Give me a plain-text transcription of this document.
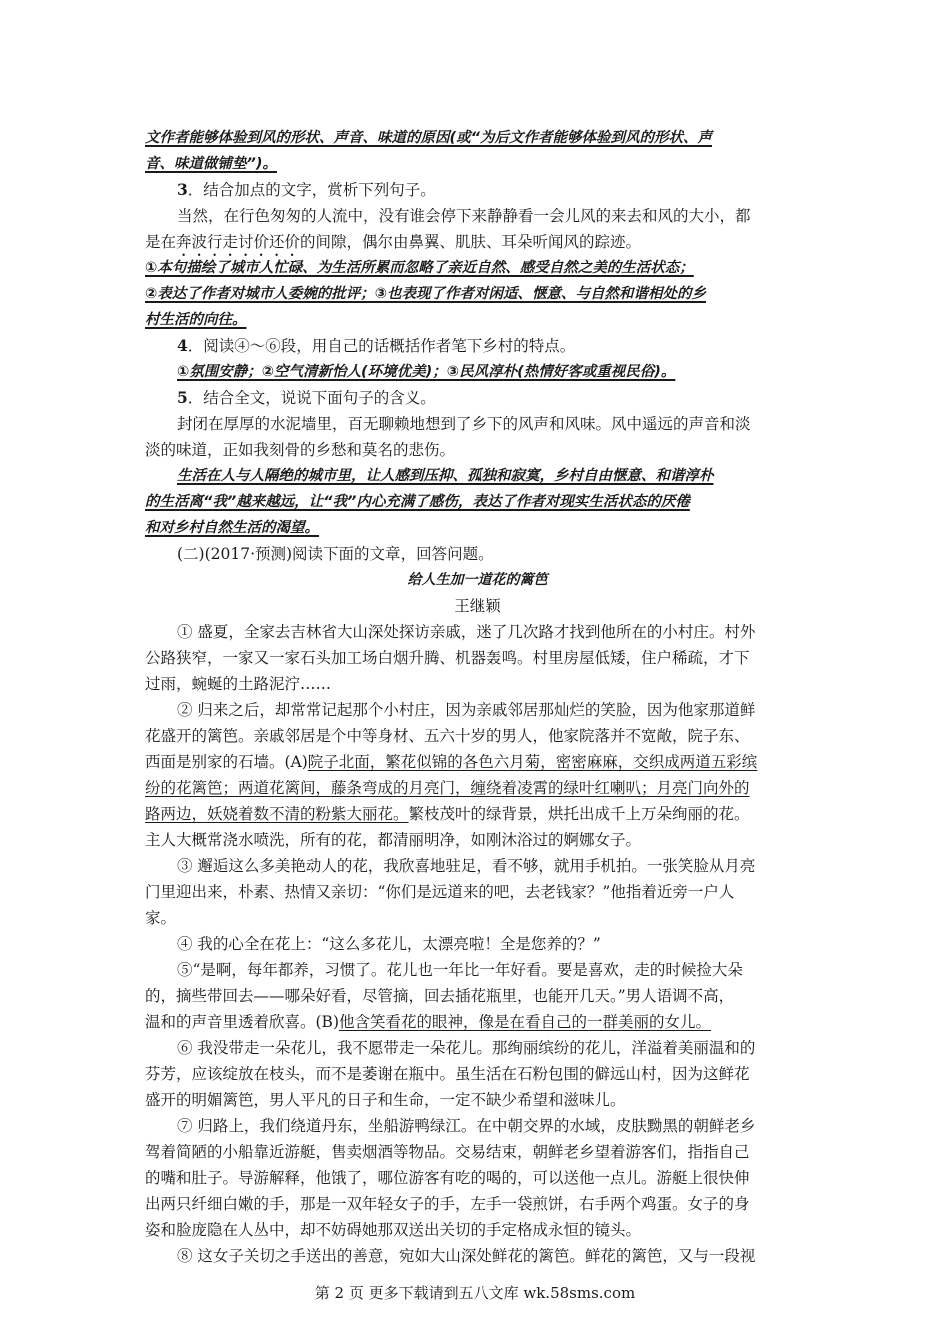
文作者能够体验到风的形状、声音、味道的原因(或“为后文作者能够体验到风的形状、声
音、味道做铺垫”)。
3．结合加点的文字，赏析下列句子。
当然，在行色匆匆的人流中，没有谁会停下来静静看一会儿风的来去和风的大小，都
是在奔波行走讨价还价的间隙，偶尔由鼻翼、肌肤、耳朵听闻风的踪迹。
①本句描绘了城市人忙碌、为生活所累而忽略了亲近自然、感受自然之美的生活状态；
②表达了作者对城市人委婉的批评；③也表现了作者对闲适、惬意、与自然和谐相处的乡
村生活的向往。
4．阅读④～⑥段，用自己的话概括作者笔下乡村的特点。
①氛围安静；②空气清新怡人(环境优美)；③民风淳朴(热情好客或重视民俗)。
5．结合全文，说说下面句子的含义。
封闭在厚厚的水泥墙里，百无聊赖地想到了乡下的风声和风味。风中遥远的声音和淡
淡的味道，正如我刻骨的乡愁和莫名的悲伤。
生活在人与人隔绝的城市里，让人感到压抑、孤独和寂寞，乡村自由惬意、和谐淳朴
的生活离“我”越来越远，让“我”内心充满了感伤，表达了作者对现实生活状态的厌倦
和对乡村自然生活的渴望。
(二)(2017·预测)阅读下面的文章，回答问题。
给人生加一道花的篱笆
王继颖
① 盛夏，全家去吉林省大山深处探访亲戚，迷了几次路才找到他所在的小村庄。村外
公路狭窄，一家又一家石头加工场白烟升腾、机器轰鸣。村里房屋低矮，住户稀疏，才下
过雨，蜿蜒的土路泥泞……
② 归来之后，却常常记起那个小村庄，因为亲戚邻居那灿烂的笑脸，因为他家那道鲜
花盛开的篱笆。亲戚邻居是个中等身材、五六十岁的男人，他家院落并不宽敞，院子东、
西面是别家的石墙。(A)院子北面，繁花似锦的各色六月菊，密密麻麻，交织成两道五彩缤
纷的花篱笆；两道花篱间，藤条弯成的月亮门，缠绕着凌霄的绿叶红喇叭；月亮门向外的
路两边，妖娆着数不清的粉紫大丽花。繁枝茂叶的绿背景，烘托出成千上万朵绚丽的花。
主人大概常浇水喷洗，所有的花，都清丽明净，如刚沐浴过的婀娜女子。
③ 邂逅这么多美艳动人的花，我欣喜地驻足，看不够，就用手机拍。一张笑脸从月亮
门里迎出来，朴素、热情又亲切：“你们是远道来的吧，去老钱家？”他指着近旁一户人
家。
④ 我的心全在花上：“这么多花儿，太漂亮啦！全是您养的？”
⑤“是啊，每年都养，习惯了。花儿也一年比一年好看。要是喜欢，走的时候捡大朵
的，摘些带回去——哪朵好看，尽管摘，回去插花瓶里，也能开几天。”男人语调不高，
温和的声音里透着欣喜。(B)他含笑看花的眼神，像是在看自己的一群美丽的女儿。
⑥ 我没带走一朵花儿，我不愿带走一朵花儿。那绚丽缤纷的花儿，洋溢着美丽温和的
芬芳，应该绽放在枝头，而不是萎谢在瓶中。虽生活在石粉包围的僻远山村，因为这鲜花
盛开的明媚篱笆，男人平凡的日子和生命，一定不缺少希望和滋味儿。
⑦ 归路上，我们绕道丹东，坐船游鸭绿江。在中朝交界的水域，皮肤黝黑的朝鲜老乡
驾着简陋的小船靠近游艇，售卖烟酒等物品。交易结束，朝鲜老乡望着游客们，指指自己
的嘴和肚子。导游解释，他饿了，哪位游客有吃的喝的，可以送他一点儿。游艇上很快伸
出两只纤细白嫩的手，那是一双年轻女子的手，左手一袋煎饼，右手两个鸡蛋。女子的身
姿和脸庞隐在人丛中，却不妨碍她那双送出关切的手定格成永恒的镜头。
⑧ 这女子关切之手送出的善意，宛如大山深处鲜花的篱笆。鲜花的篱笆，又与一段视
第 2 页 更多下载请到五八文库 wk.58sms.com
